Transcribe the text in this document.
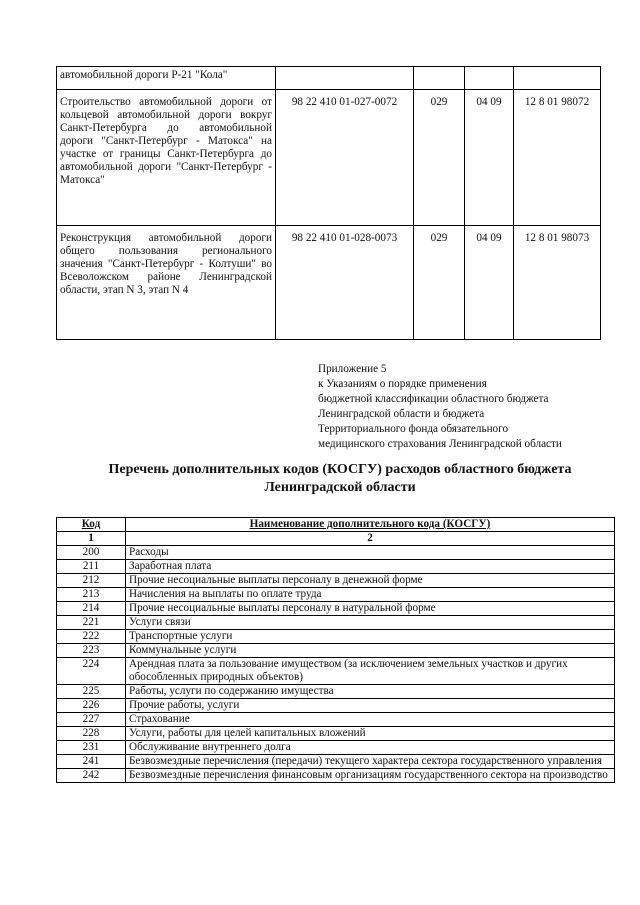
автомобильной дороги Р-21 "Кола"				
Строительство автомобильной дороги от кольцевой автомобильной дороги вокруг Санкт-Петербурга до автомобильной дороги "Санкт-Петербург - Матокса" на участке от границы Санкт-Петербурга до автомобильной дороги "Санкт-Петербург - Матокса"	98 22 410 01-027-0072	029	04 09	12 8 01 98072
Реконструкция автомобильной дороги общего пользования регионального значения "Санкт-Петербург - Колтуши" во Всеволожском районе Ленинградской области, этап N 3, этап N 4	98 22 410 01-028-0073	029	04 09	12 8 01 98073
Приложение 5
к Указаниям о порядке применения
бюджетной классификации областного бюджета
Ленинградской области и бюджета
Территориального фонда обязательного
медицинского страхования Ленинградской области
Перечень дополнительных кодов (КОСГУ) расходов областного бюджета
Ленинградской области
Код	Наименование дополнительного кода (КОСГУ)
1	2
200	Расходы
211	Заработная плата
212	Прочие несоциальные выплаты персоналу в денежной форме
213	Начисления на выплаты по оплате труда
214	Прочие несоциальные выплаты персоналу в натуральной форме
221	Услуги связи
222	Транспортные услуги
223	Коммунальные услуги
224	Арендная плата за пользование имуществом (за исключением земельных участков и других обособленных природных объектов)
225	Работы, услуги по содержанию имущества
226	Прочие работы, услуги
227	Страхование
228	Услуги, работы для целей капитальных вложений
231	Обслуживание внутреннего долга
241	Безвозмездные перечисления (передачи) текущего характера сектора государственного управления
242	Безвозмездные перечисления финансовым организациям государственного сектора на производство
